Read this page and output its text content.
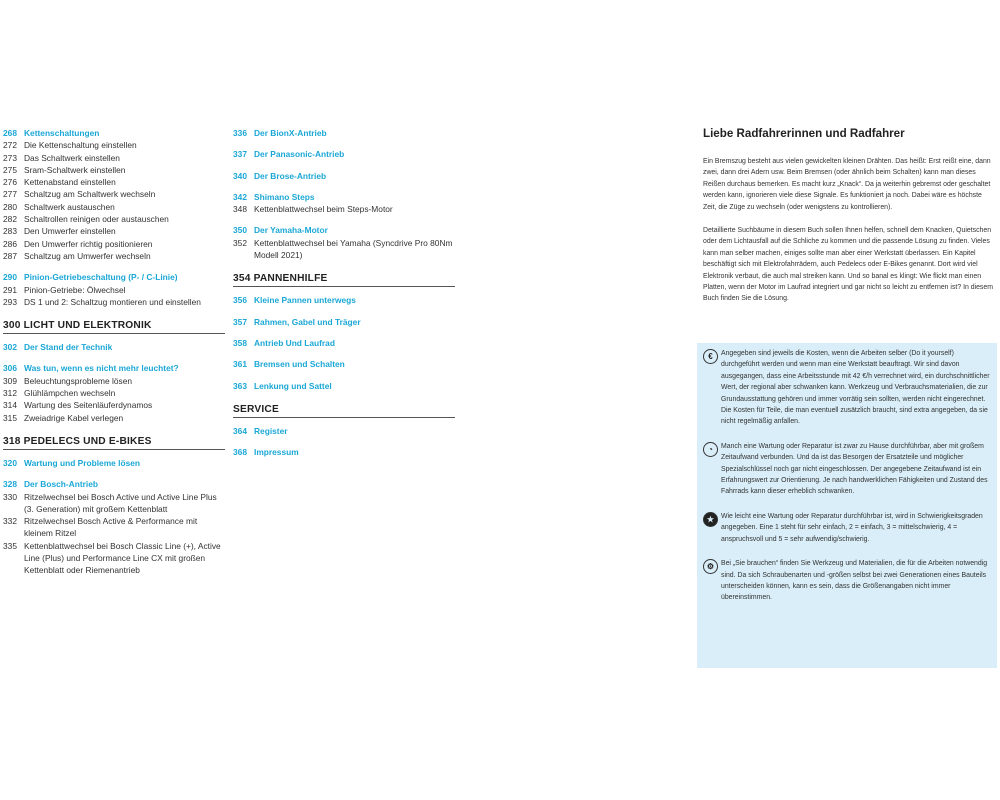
268 Kettenschaltungen
272 Die Kettenschaltung einstellen
273 Das Schaltwerk einstellen
275 Sram-Schaltwerk einstellen
276 Kettenabstand einstellen
277 Schaltzug am Schaltwerk wechseln
280 Schaltwerk austauschen
282 Schaltrollen reinigen oder austauschen
283 Den Umwerfer einstellen
286 Den Umwerfer richtig positionieren
287 Schaltzug am Umwerfer wechseln
290 Pinion-Getriebeschaltung (P- / C-Linie)
291 Pinion-Getriebe: Ölwechsel
293 DS 1 und 2: Schaltzug montieren und einstellen
300 LICHT UND ELEKTRONIK
302 Der Stand der Technik
306 Was tun, wenn es nicht mehr leuchtet?
309 Beleuchtungsprobleme lösen
312 Glühlämpchen wechseln
314 Wartung des Seitenläuferdynamos
315 Zweiadrige Kabel verlegen
318 PEDELECS UND E-BIKES
320 Wartung und Probleme lösen
328 Der Bosch-Antrieb
330 Ritzelwechsel bei Bosch Active und Active Line Plus (3. Generation) mit großem Kettenblatt
332 Ritzelwechsel Bosch Active & Performance mit kleinem Ritzel
335 Kettenblattwechsel bei Bosch Classic Line (+), Active Line (Plus) und Performance Line CX mit großen Kettenblatt oder Riemenantrieb
336 Der BionX-Antrieb
337 Der Panasonic-Antrieb
340 Der Brose-Antrieb
342 Shimano Steps
348 Kettenblattwechsel beim Steps-Motor
350 Der Yamaha-Motor
352 Kettenblattwechsel bei Yamaha (Syncdrive Pro 80Nm Modell 2021)
354 PANNENHILFE
356 Kleine Pannen unterwegs
357 Rahmen, Gabel und Träger
358 Antrieb Und Laufrad
361 Bremsen und Schalten
363 Lenkung und Sattel
SERVICE
364 Register
368 Impressum
Liebe Radfahrerinnen und Radfahrer

Ein Bremszug besteht aus vielen gewickelten kleinen Drähten. Das heißt: Erst reißt eine, dann zwei, dann drei Adern usw. Beim Bremsen (oder ähnlich beim Schalten) kann man dieses Reißen durchaus bemerken. Es macht kurz „Knack“. Da ja weiterhin gebremst oder geschaltet werden kann, ignorieren viele diese Signale. Es funktioniert ja noch. Dabei wäre es höchste Zeit, die Züge zu wechseln (oder wenigstens zu kontrollieren).

Detaillierte Suchbäume in diesem Buch sollen Ihnen helfen, schnell dem Knacken, Quietschen oder dem Lichtausfall auf die Schliche zu kommen und die passende Lösung zu finden. Vieles kann man selber machen, einiges sollte man aber einer Werkstatt überlassen. Ein Kapitel beschäftigt sich mit Elektrofahrrädern, auch Pedelecs oder E-Bikes genannt. Dort wird viel Elektronik verbaut, die auch mal streiken kann. Und so banal es klingt: Wie flickt man einen Platten, wenn der Motor im Laufrad integriert und gar nicht so leicht zu entfernen ist? In diesem Buch finden Sie die Lösung.

€	Angegeben sind jeweils die Kosten, wenn die Arbeiten selber (Do it yourself) durchgeführt werden und wenn man eine Werkstatt beauftragt. Wir sind davon ausgegangen, dass eine Arbeitsstunde mit 42 €/h verrechnet wird, ein durchschnittlicher Wert, der regional aber schwanken kann. Werkzeug und Verbrauchsmaterialien, die zur Grundausstattung gehören und immer vorrätig sein sollten, werden nicht eingerechnet. Die Kosten für Teile, die man eventuell zusätzlich braucht, sind extra angegeben, da sie nicht regelmäßig anfallen.
◔	Manch eine Wartung oder Reparatur ist zwar zu Hause durchführbar, aber mit großem Zeitaufwand verbunden. Und da ist das Besorgen der Ersatzteile und möglicher Spezialschlüssel noch gar nicht eingeschlossen. Der angegebene Zeitaufwand ist ein Erfahrungswert zur Orientierung. Je nach handwerklichen Fähigkeiten und Zustand des Fahrrads kann dieser erheblich schwanken.
★	Wie leicht eine Wartung oder Reparatur durchführbar ist, wird in Schwierigkeitsgraden angegeben. Eine 1 steht für sehr einfach, 2 = einfach, 3 = mittelschwierig, 4 = anspruchsvoll und 5 = sehr aufwendig/schwierig.
⚙	Bei „Sie brauchen“ finden Sie Werkzeug und Materialien, die für die Arbeiten notwendig sind. Da sich Schraubenarten und -größen selbst bei zwei Generationen eines Bauteils unterscheiden können, kann es sein, dass die Größenangaben nicht immer übereinstimmen.
